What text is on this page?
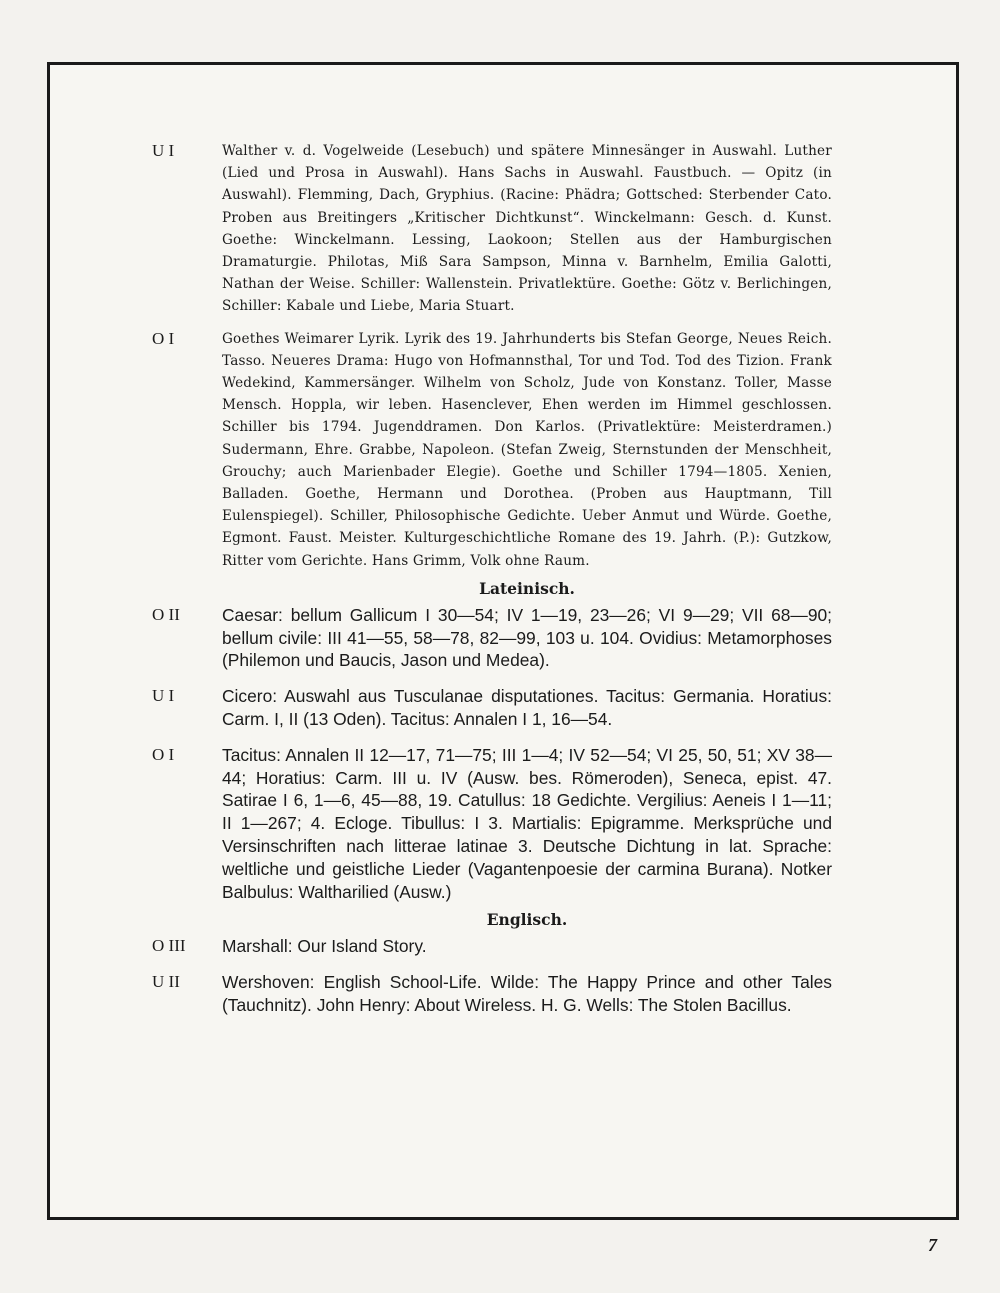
U I	Walther v. d. Vogelweide (Lesebuch) und spätere Minnesänger in Auswahl. Luther (Lied und Prosa in Auswahl). Hans Sachs in Auswahl. Faustbuch. — Opitz (in Auswahl). Flemming, Dach, Gryphius. (Racine: Phädra; Gottsched: Sterbender Cato. Proben aus Breitingers „Kritischer Dichtkunst“. Winckelmann: Gesch. d. Kunst. Goethe: Winckelmann. Lessing, Laokoon; Stellen aus der Hamburgischen Dramaturgie. Philotas, Miß Sara Sampson, Minna v. Barnhelm, Emilia Galotti, Nathan der Weise. Schiller: Wallenstein. Privatlektüre. Goethe: Götz v. Berlichingen, Schiller: Kabale und Liebe, Maria Stuart.
O I	Goethes Weimarer Lyrik. Lyrik des 19. Jahrhunderts bis Stefan George, Neues Reich. Tasso. Neueres Drama: Hugo von Hofmannsthal, Tor und Tod. Tod des Tizion. Frank Wedekind, Kammersänger. Wilhelm von Scholz, Jude von Konstanz. Toller, Masse Mensch. Hoppla, wir leben. Hasenclever, Ehen werden im Himmel geschlossen. Schiller bis 1794. Jugenddramen. Don Karlos. (Privatlektüre: Meisterdramen.) Sudermann, Ehre. Grabbe, Napoleon. (Stefan Zweig, Sternstunden der Menschheit, Grouchy; auch Marienbader Elegie). Goethe und Schiller 1794—1805. Xenien, Balladen. Goethe, Hermann und Dorothea. (Proben aus Hauptmann, Till Eulenspiegel). Schiller, Philosophische Gedichte. Ueber Anmut und Würde. Goethe, Egmont. Faust. Meister. Kulturgeschichtliche Romane des 19. Jahrh. (P.): Gutzkow, Ritter vom Gerichte. Hans Grimm, Volk ohne Raum.
Lateinisch.
O II	Caesar: bellum Gallicum I 30—54; IV 1—19, 23—26; VI 9—29; VII 68—90; bellum civile: III 41—55, 58—78, 82—99, 103 u. 104. Ovidius: Metamorphoses (Philemon und Baucis, Jason und Medea).
U I	Cicero: Auswahl aus Tusculanae disputationes. Tacitus: Germania. Horatius: Carm. I, II (13 Oden). Tacitus: Annalen I 1, 16—54.
O I	Tacitus: Annalen II 12—17, 71—75; III 1—4; IV 52—54; VI 25, 50, 51; XV 38—44; Horatius: Carm. III u. IV (Ausw. bes. Römeroden), Seneca, epist. 47. Satirae I 6, 1—6, 45—88, 19. Catullus: 18 Gedichte. Vergilius: Aeneis I 1—11; II 1—267; 4. Ecloge. Tibullus: I 3. Martialis: Epigramme. Merksprüche und Versinschriften nach litterae latinae 3. Deutsche Dichtung in lat. Sprache: weltliche und geistliche Lieder (Vagantenpoesie der carmina Burana). Notker Balbulus: Waltharilied (Ausw.)
Englisch.
O III	Marshall: Our Island Story.
U II	Wershoven: English School-Life. Wilde: The Happy Prince and other Tales (Tauchnitz). John Henry: About Wireless. H. G. Wells: The Stolen Bacillus.
7
